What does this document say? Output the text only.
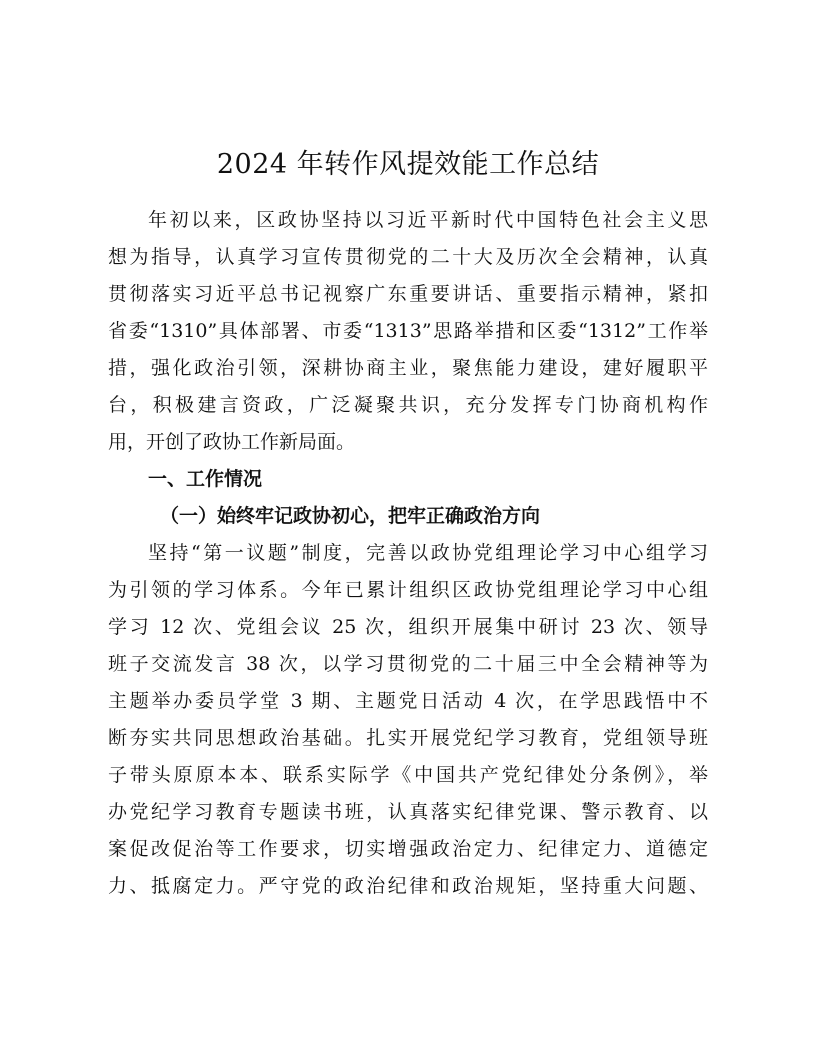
2024 年转作风提效能工作总结
年初以来，区政协坚持以习近平新时代中国特色社会主义思
想为指导，认真学习宣传贯彻党的二十大及历次全会精神，认真
贯彻落实习近平总书记视察广东重要讲话、重要指示精神，紧扣
省委“1310”具体部署、市委“1313”思路举措和区委“1312”工作举
措，强化政治引领，深耕协商主业，聚焦能力建设，建好履职平
台，积极建言资政，广泛凝聚共识，充分发挥专门协商机构作
用，开创了政协工作新局面。
一、工作情况
（一）始终牢记政协初心，把牢正确政治方向
坚持“第一议题”制度，完善以政协党组理论学习中心组学习
为引领的学习体系。今年已累计组织区政协党组理论学习中心组
学习 12 次、党组会议 25 次，组织开展集中研讨 23 次、领导
班子交流发言 38 次，以学习贯彻党的二十届三中全会精神等为
主题举办委员学堂 3 期、主题党日活动 4 次，在学思践悟中不
断夯实共同思想政治基础。扎实开展党纪学习教育，党组领导班
子带头原原本本、联系实际学《中国共产党纪律处分条例》，举
办党纪学习教育专题读书班，认真落实纪律党课、警示教育、以
案促改促治等工作要求，切实增强政治定力、纪律定力、道德定
力、抵腐定力。严守党的政治纪律和政治规矩，坚持重大问题、
